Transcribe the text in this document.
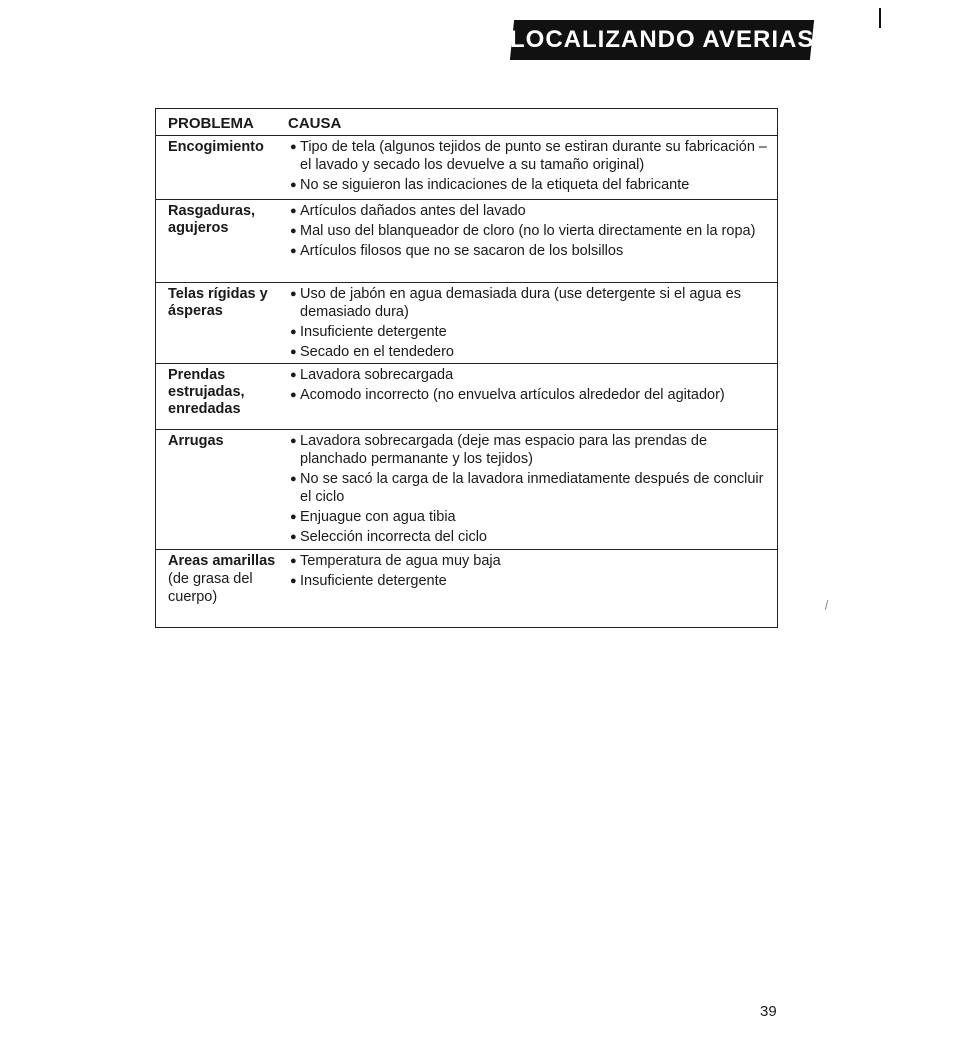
LOCALIZANDO AVERIAS
PROBLEMA CAUSA
Encogimiento	● Tipo de tela (algunos tejidos de punto se estiran durante su fabricación – el lavado y secado los devuelve a su tamaño original)
● No se siguieron las indicaciones de la etiqueta del fabricante
Rasgaduras, agujeros
● Artículos dañados antes del lavado
● Mal uso del blanqueador de cloro (no lo vierta directamente en la ropa)
● Artículos filosos que no se sacaron de los bolsillos
Telas rígidas y ásperas
● Uso de jabón en agua demasiada dura (use detergente si el agua es demasiado dura)
● Insuficiente detergente
● Secado en el tendedero
Prendas estrujadas, enredadas
● Lavadora sobrecargada
● Acomodo incorrecto (no envuelva artículos alrededor del agitador)
Arrugas	● Lavadora sobrecargada (deje mas espacio para las prendas de planchado permanante y los tejidos)
● No se sacó la carga de la lavadora inmediatamente después de concluir el ciclo
● Enjuague con agua tibia
● Selección incorrecta del ciclo
Areas amarillas
(de grasa del cuerpo)
● Temperatura de agua muy baja
● Insuficiente detergente
39
